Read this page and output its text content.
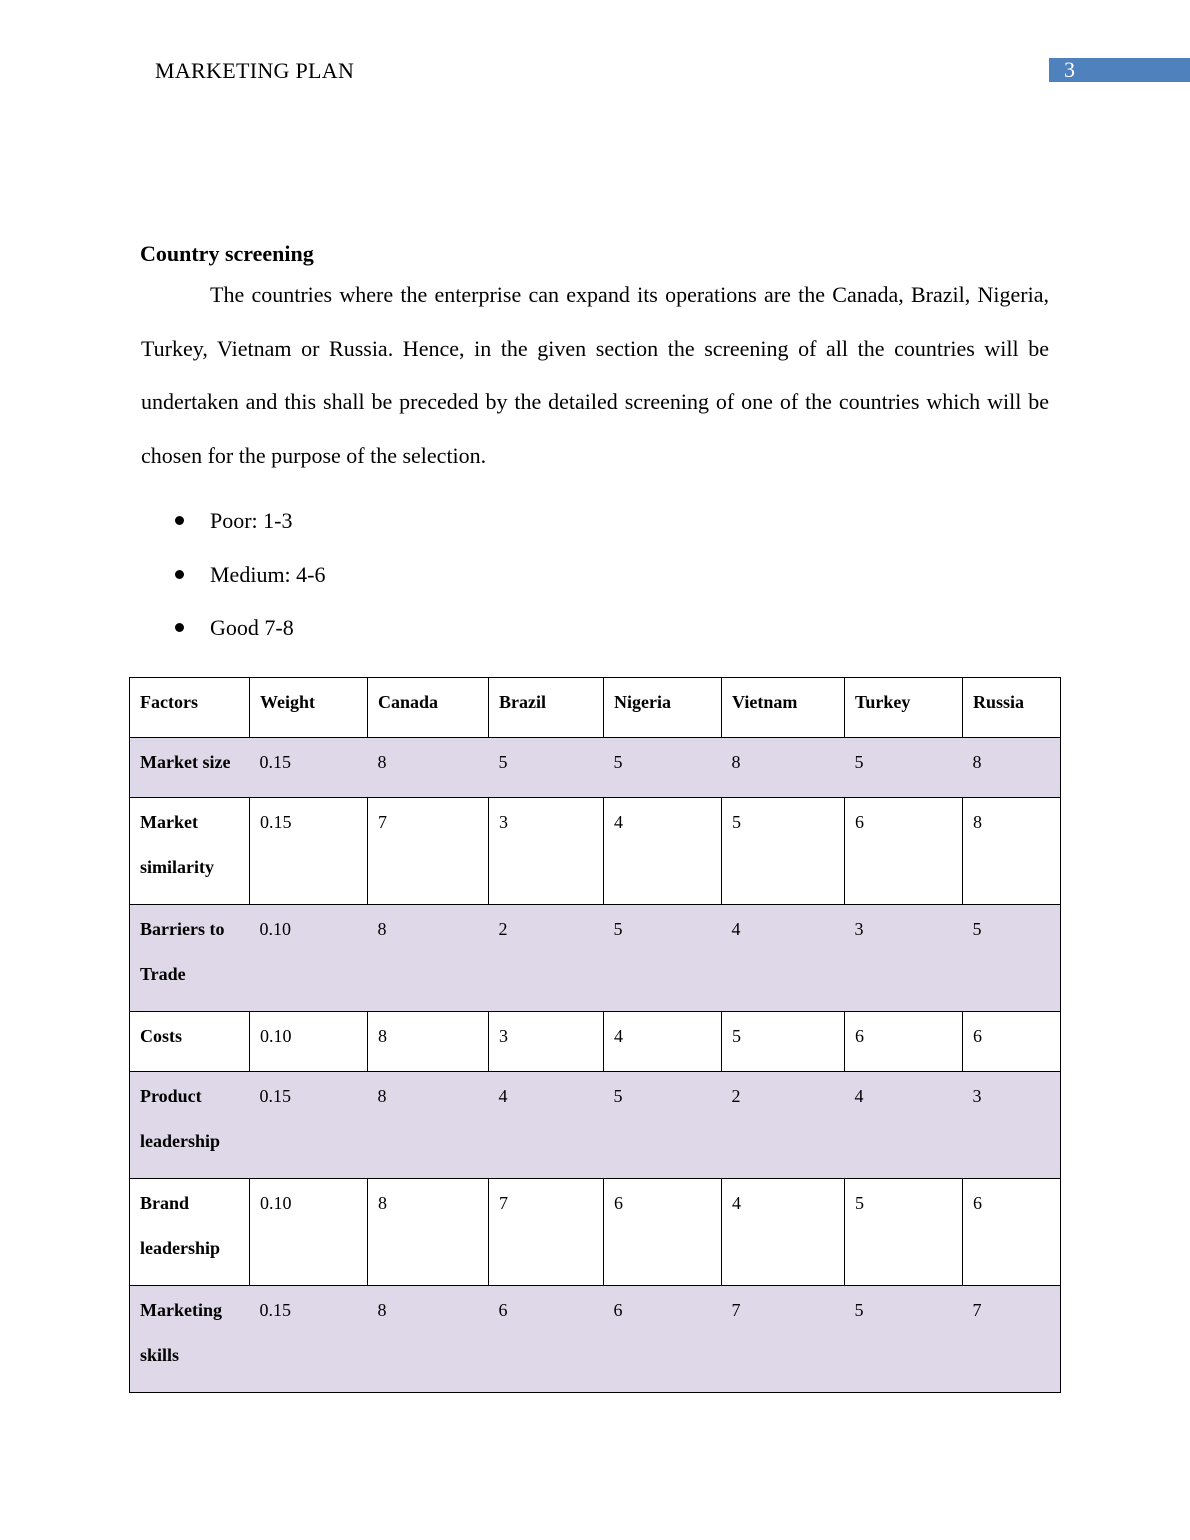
MARKETING PLAN	3
Country screening

The countries where the enterprise can expand its operations are the Canada, Brazil, Nigeria, Turkey, Vietnam or Russia. Hence, in the given section the screening of all the countries will be undertaken and this shall be preceded by the detailed screening of one of the countries which will be chosen for the purpose of the selection.

Poor: 1-3
Medium: 4-6
Good 7-8
Factors	Weight	Canada	Brazil	Nigeria	Vietnam	Turkey	Russia
Market size	0.15	8	5	5	8	5	8
Market similarity	0.15	7	3	4	5	6	8
Barriers to Trade	0.10	8	2	5	4	3	5
Costs	0.10	8	3	4	5	6	6
Product leadership	0.15	8	4	5	2	4	3
Brand leadership	0.10	8	7	6	4	5	6
Marketing skills	0.15	8	6	6	7	5	7
